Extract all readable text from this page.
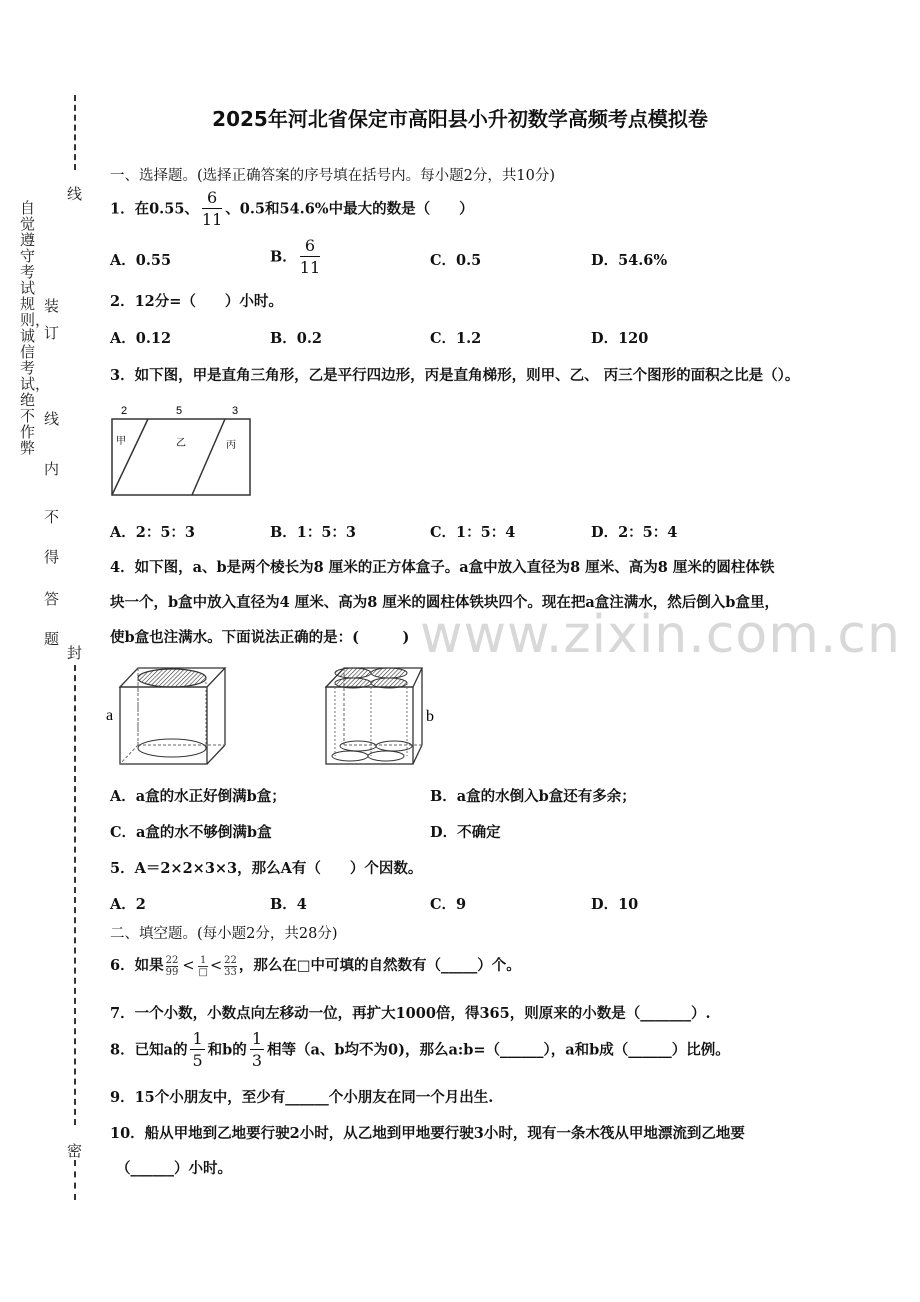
线
装
订
线
内
不
得
答
题
封
密
自觉遵守考试规则，诚信考试，绝不作弊
www.zixin.com.cn
2025年河北省保定市高阳县小升初数学高频考点模拟卷
一、选择题。(选择正确答案的序号填在括号内。每小题2分，共10分)
1．在0.55、 $\frac{6}{11}$ 、0.5和54.6%中最大的数是（　　）
A．0.55	B． $\frac{6}{11}$	C．0.5	D．54.6%
2．12分=（　　）小时。
A．0.12	B．0.2	C．1.2	D．120
3．如下图，甲是直角三角形，乙是平行四边形，丙是直角梯形，则甲、乙、 丙三个图形的面积之比是（）。
2	5	3
甲	乙	丙
A．2：5：3	B．1：5：3	C．1：5：4	D．2：5：4
4．如下图，a、b是两个棱长为8 厘米的正方体盒子。a盒中放入直径为8 厘米、高为8 厘米的圆柱体铁
块一个，b盒中放入直径为4 厘米、高为8 厘米的圆柱体铁块四个。现在把a盒注满水，然后倒入b盒里，
使b盒也注满水。下面说法正确的是：(　　　)
a	b
A．a盒的水正好倒满b盒；	B．a盒的水倒入b盒还有多余；
C．a盒的水不够倒满b盒	D．不确定
5．A＝2×2×3×3，那么A有（　　）个因数。
A．2	B．4	C．9	D．10
二、填空题。(每小题2分，共28分)
6．如果 $\frac{22}{99} < 1$
□ < $\frac{22}{33}$ ，那么在□中可填的自然数有（_____）个。
7．一个小数，小数点向左移动一位，再扩大1000倍，得365，则原来的小数是（_______）.
8．已知a的 $\frac{1}{5}$ 和b的 $\frac{1}{3}$ 相等（a、b均不为0)，那么a:b=（______），a和b成（______）比例。
9．15个小朋友中，至少有______个小朋友在同一个月出生.
10．船从甲地到乙地要行驶2小时，从乙地到甲地要行驶3小时，现有一条木筏从甲地漂流到乙地要
（______）小时。
